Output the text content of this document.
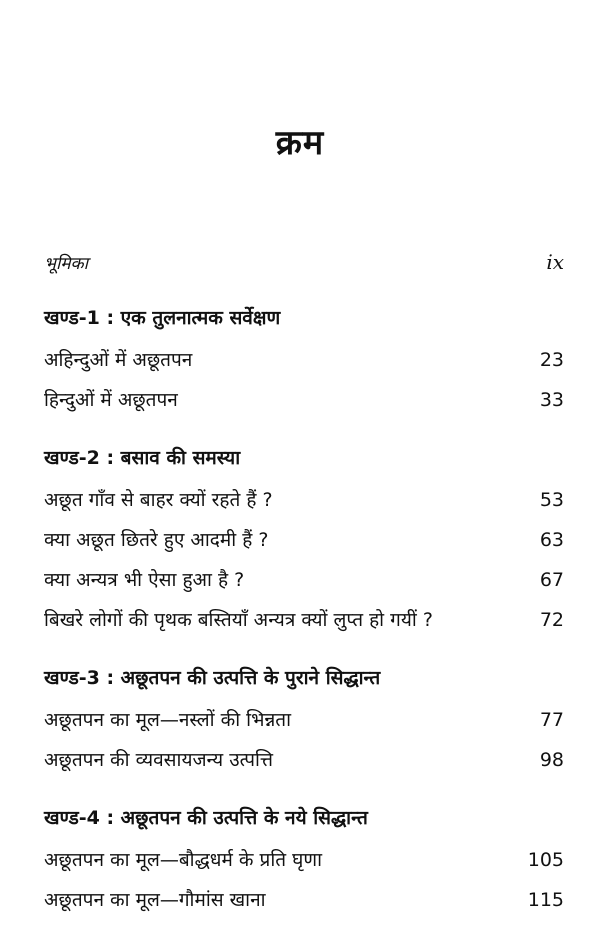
क्रम
भूमिका	ix
खण्ड-1 : एक तुलनात्मक सर्वेक्षण
अहिन्दुओं में अछूतपन	23
हिन्दुओं में अछूतपन	33
खण्ड-2 : बसाव की समस्या
अछूत गाँव से बाहर क्यों रहते हैं ?	53
क्या अछूत छितरे हुए आदमी हैं ?	63
क्या अन्यत्र भी ऐसा हुआ है ?	67
बिखरे लोगों की पृथक बस्तियाँ अन्यत्र क्यों लुप्त हो गयीं ?	72
खण्ड-3 : अछूतपन की उत्पत्ति के पुराने सिद्धान्त
अछूतपन का मूल—नस्लों की भिन्नता	77
अछूतपन की व्यवसायजन्य उत्पत्ति	98
खण्ड-4 : अछूतपन की उत्पत्ति के नये सिद्धान्त
अछूतपन का मूल—बौद्धधर्म के प्रति घृणा	105
अछूतपन का मूल—गौमांस खाना	115
